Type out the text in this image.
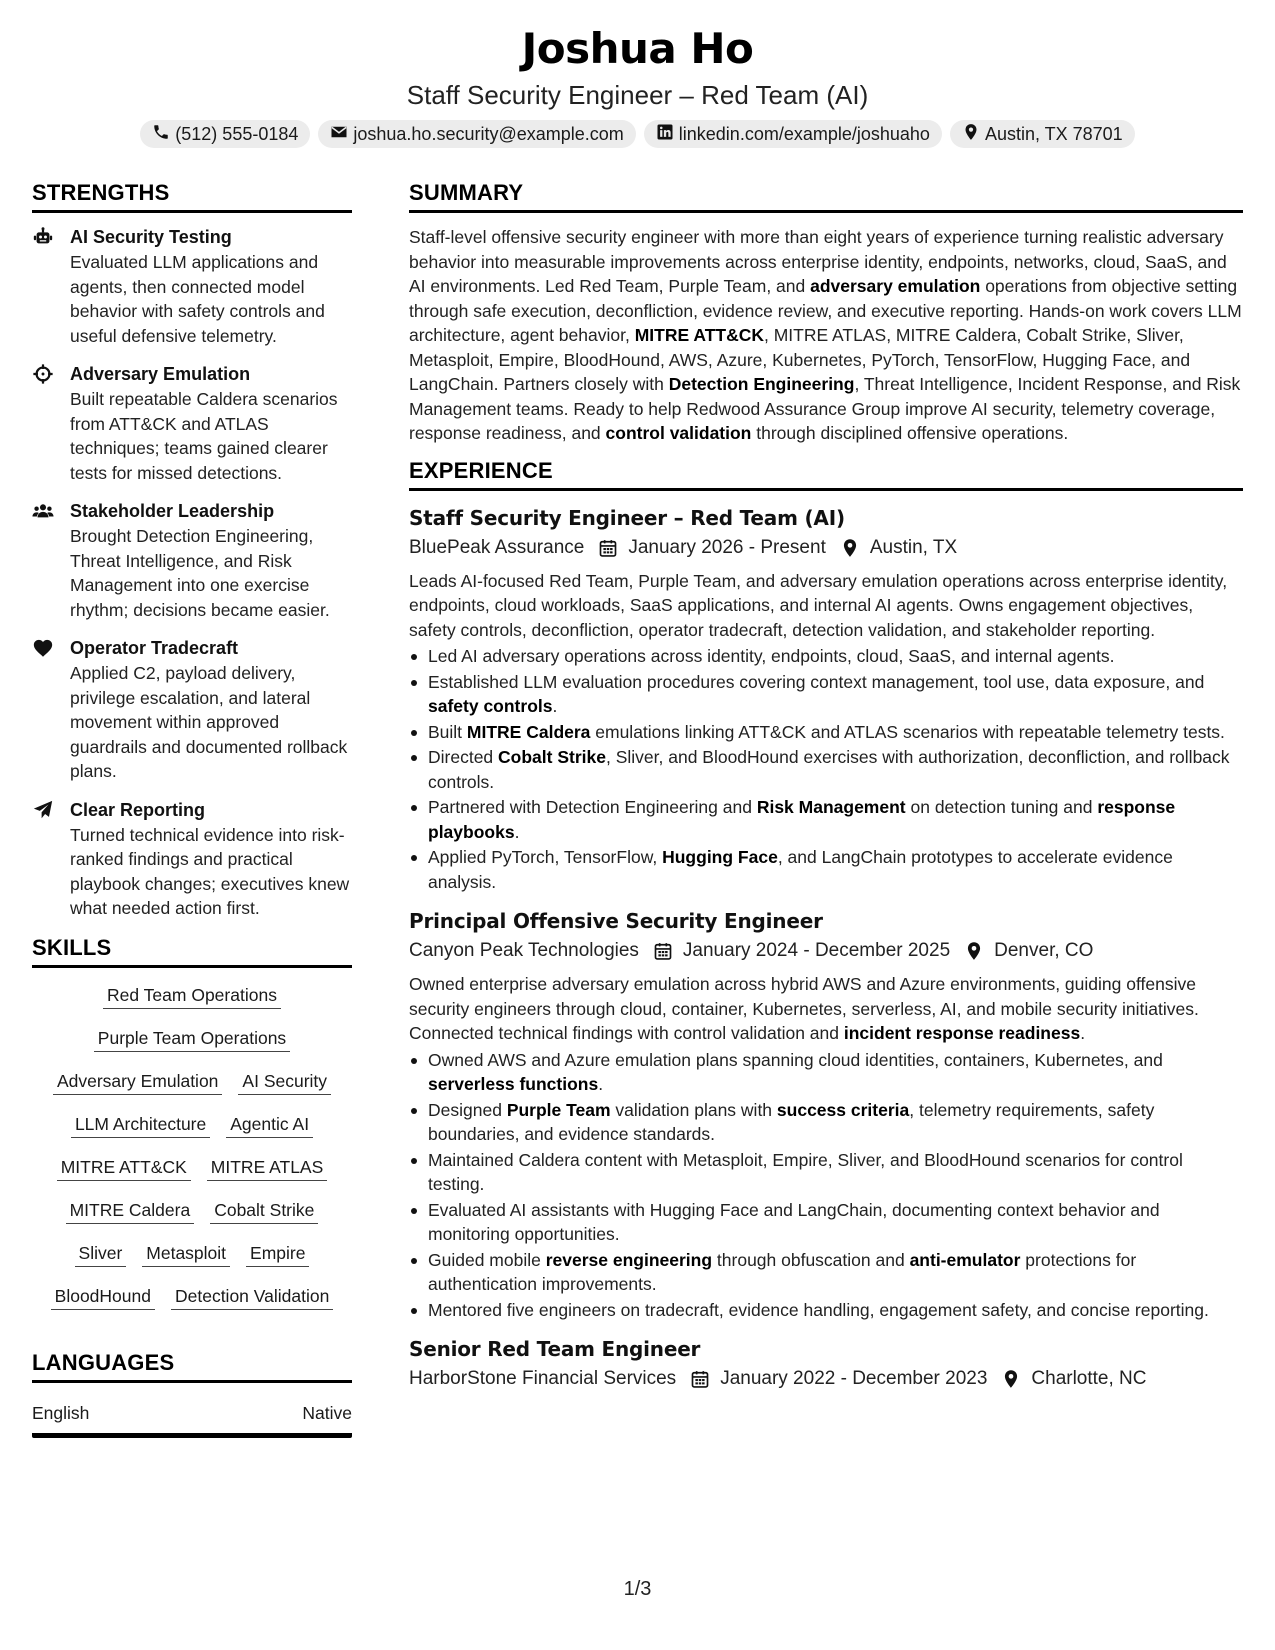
Joshua Ho
Staff Security Engineer – Red Team (AI)
(512) 555-0184	joshua.ho.security@example.com	linkedin.com/example/joshuaho	Austin, TX 78701
STRENGTHS
AI Security Testing
Evaluated LLM applications and agents, then connected model behavior with safety controls and useful defensive telemetry.
Adversary Emulation
Built repeatable Caldera scenarios from ATT&CK and ATLAS techniques; teams gained clearer tests for missed detections.
Stakeholder Leadership
Brought Detection Engineering, Threat Intelligence, and Risk Management into one exercise rhythm; decisions became easier.
Operator Tradecraft
Applied C2, payload delivery, privilege escalation, and lateral movement within approved guardrails and documented rollback plans.
Clear Reporting
Turned technical evidence into risk-ranked findings and practical playbook changes; executives knew what needed action first.
SKILLS
Red Team Operations
Purple Team Operations
Adversary Emulation AI Security
LLM Architecture Agentic AI
MITRE ATT&CK MITRE ATLAS
MITRE Caldera Cobalt Strike
Sliver Metasploit Empire
BloodHound Detection Validation
LANGUAGES
English	Native
SUMMARY
Staff-level offensive security engineer with more than eight years of experience turning realistic adversary behavior into measurable improvements across enterprise identity, endpoints, networks, cloud, SaaS, and AI environments. Led Red Team, Purple Team, and adversary emulation operations from objective setting through safe execution, deconfliction, evidence review, and executive reporting. Hands-on work covers LLM architecture, agent behavior, MITRE ATT&CK, MITRE ATLAS, MITRE Caldera, Cobalt Strike, Sliver, Metasploit, Empire, BloodHound, AWS, Azure, Kubernetes, PyTorch, TensorFlow, Hugging Face, and LangChain. Partners closely with Detection Engineering, Threat Intelligence, Incident Response, and Risk Management teams. Ready to help Redwood Assurance Group improve AI security, telemetry coverage, response readiness, and control validation through disciplined offensive operations.
EXPERIENCE
Staff Security Engineer – Red Team (AI)
BluePeak Assurance January 2026 - Present Austin, TX
Leads AI-focused Red Team, Purple Team, and adversary emulation operations across enterprise identity, endpoints, cloud workloads, SaaS applications, and internal AI agents. Owns engagement objectives, safety controls, deconfliction, operator tradecraft, detection validation, and stakeholder reporting.
Led AI adversary operations across identity, endpoints, cloud, SaaS, and internal agents.
Established LLM evaluation procedures covering context management, tool use, data exposure, and safety controls.
Built MITRE Caldera emulations linking ATT&CK and ATLAS scenarios with repeatable telemetry tests.
Directed Cobalt Strike, Sliver, and BloodHound exercises with authorization, deconfliction, and rollback controls.
Partnered with Detection Engineering and Risk Management on detection tuning and response playbooks.
Applied PyTorch, TensorFlow, Hugging Face, and LangChain prototypes to accelerate evidence analysis.
Principal Offensive Security Engineer
Canyon Peak Technologies January 2024 - December 2025 Denver, CO
Owned enterprise adversary emulation across hybrid AWS and Azure environments, guiding offensive security engineers through cloud, container, Kubernetes, serverless, AI, and mobile security initiatives. Connected technical findings with control validation and incident response readiness.
Owned AWS and Azure emulation plans spanning cloud identities, containers, Kubernetes, and serverless functions.
Designed Purple Team validation plans with success criteria, telemetry requirements, safety boundaries, and evidence standards.
Maintained Caldera content with Metasploit, Empire, Sliver, and BloodHound scenarios for control testing.
Evaluated AI assistants with Hugging Face and LangChain, documenting context behavior and monitoring opportunities.
Guided mobile reverse engineering through obfuscation and anti-emulator protections for authentication improvements.
Mentored five engineers on tradecraft, evidence handling, engagement safety, and concise reporting.
Senior Red Team Engineer
HarborStone Financial Services January 2022 - December 2023 Charlotte, NC
1/3
